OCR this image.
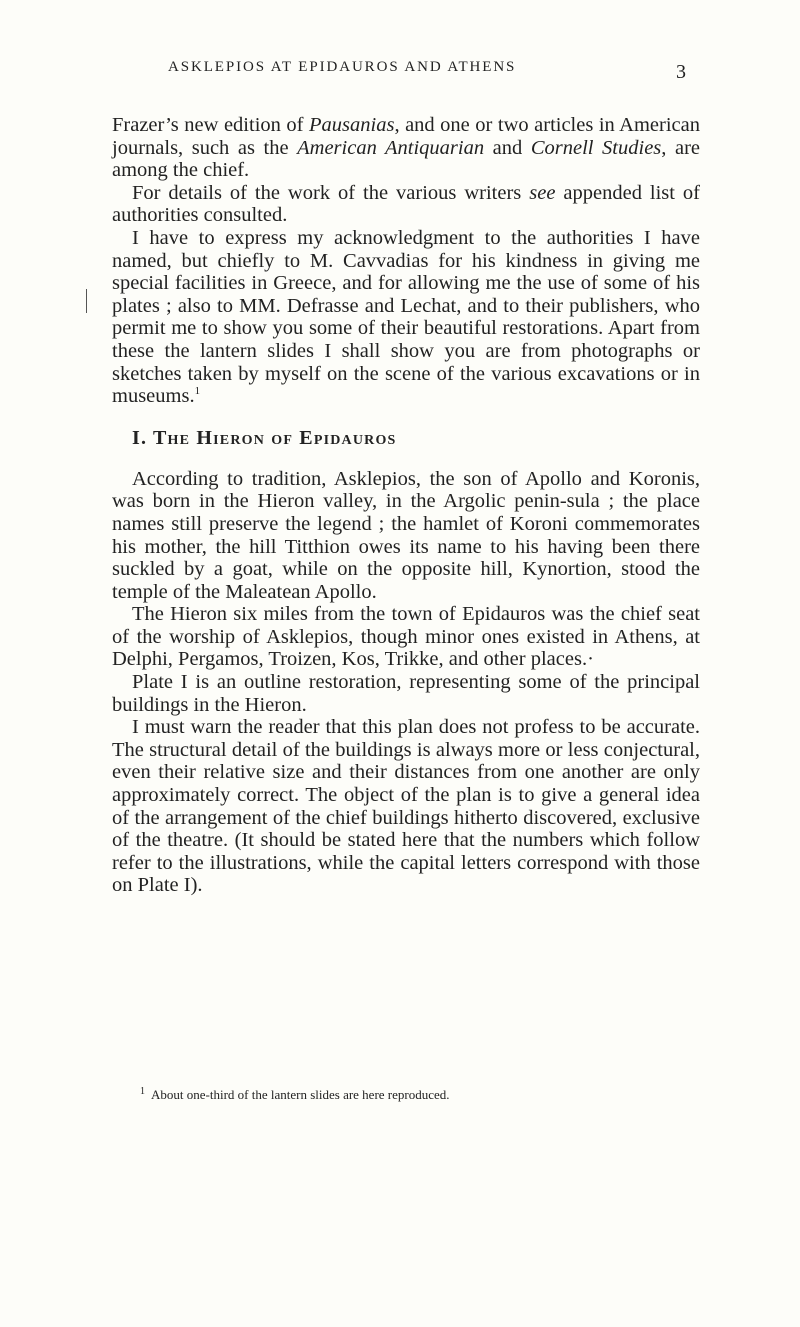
ASKLEPIOS AT EPIDAUROS AND ATHENS	3

Frazer’s new edition of Pausanias, and one or two articles in American journals, such as the American Antiquarian and Cornell Studies, are among the chief.

For details of the work of the various writers see appended list of authorities consulted.

I have to express my acknowledgment to the authorities I have named, but chiefly to M. Cavvadias for his kindness in giving me special facilities in Greece, and for allowing me the use of some of his plates ; also to MM. Defrasse and Lechat, and to their publishers, who permit me to show you some of their beautiful restorations. Apart from these the lantern slides I shall show you are from photographs or sketches taken by myself on the scene of the various excavations or in museums.$^1$

I. The Hieron of Epidauros

According to tradition, Asklepios, the son of Apollo and Koronis, was born in the Hieron valley, in the Argolic penin-sula ; the place names still preserve the legend ; the hamlet of Koroni commemorates his mother, the hill Titthion owes its name to his having been there suckled by a goat, while on the opposite hill, Kynortion, stood the temple of the Maleatean Apollo.

The Hieron six miles from the town of Epidauros was the chief seat of the worship of Asklepios, though minor ones existed in Athens, at Delphi, Pergamos, Troizen, Kos, Trikke, and other places.·

Plate I is an outline restoration, representing some of the principal buildings in the Hieron.

I must warn the reader that this plan does not profess to be accurate. The structural detail of the buildings is always more or less conjectural, even their relative size and their distances from one another are only approximately correct. The object of the plan is to give a general idea of the arrangement of the chief buildings hitherto discovered, exclusive of the theatre. (It should be stated here that the numbers which follow refer to the illustrations, while the capital letters correspond with those on Plate I).

$^1$ About one-third of the lantern slides are here reproduced.
